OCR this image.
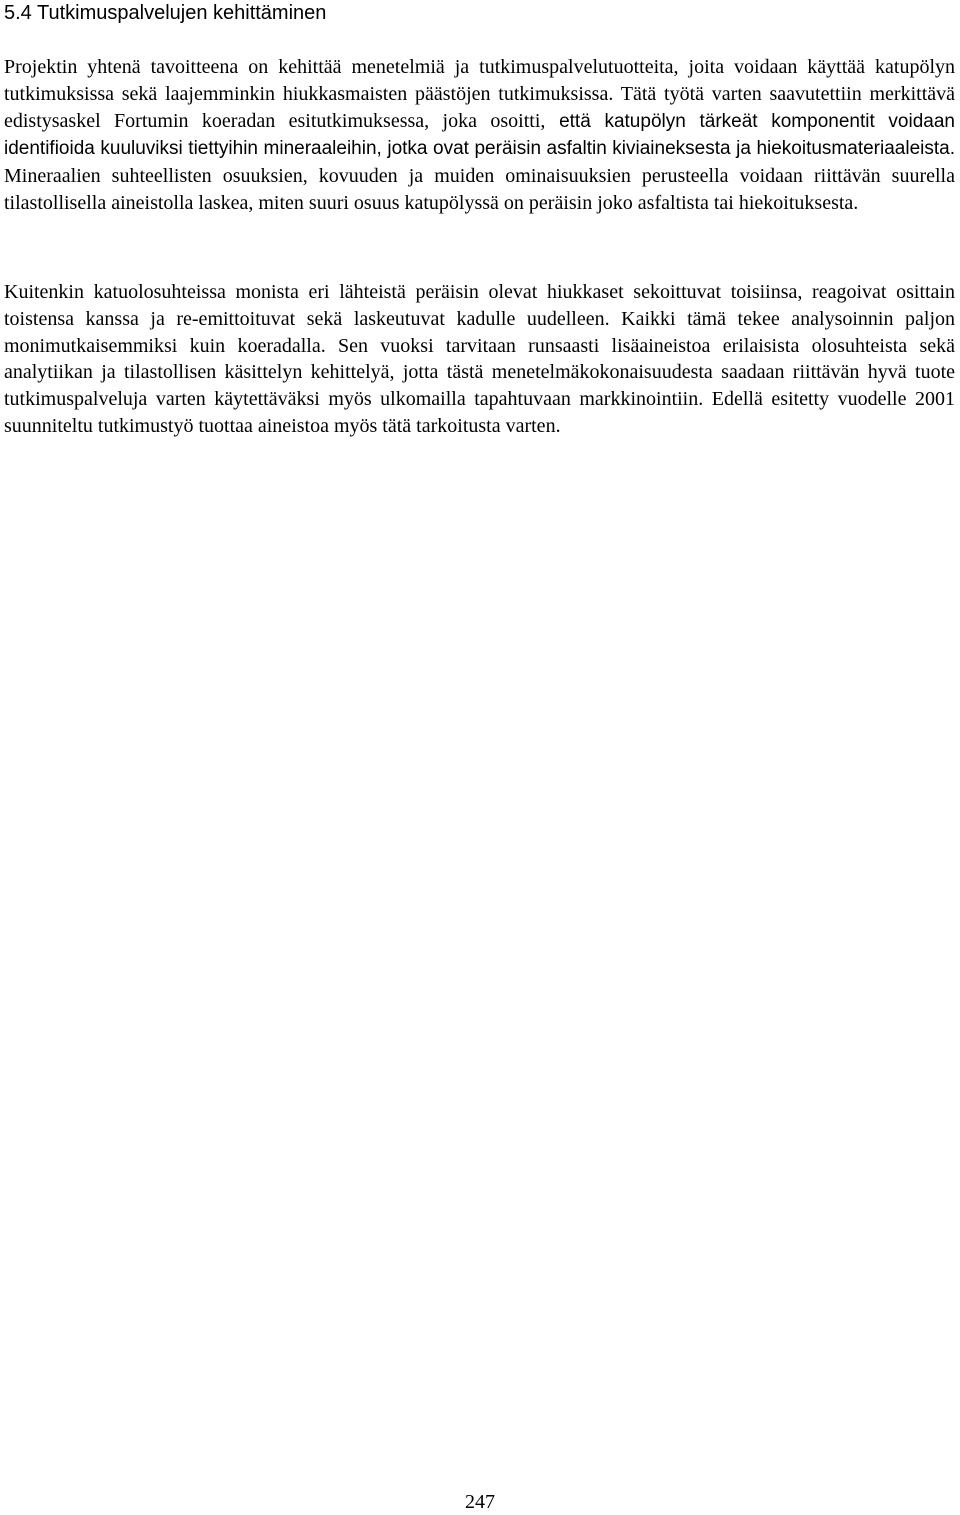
5.4 Tutkimuspalvelujen kehittäminen

Projektin yhtenä tavoitteena on kehittää menetelmiä ja tutkimuspalvelutuotteita, joita voidaan käyttää katupölyn tutkimuksissa sekä laajemminkin hiukkasmaisten päästöjen tutkimuksissa. Tätä työtä varten saavutettiin merkittävä edistysaskel Fortumin koeradan esitutkimuksessa, joka osoitti, että katupölyn tärkeät komponentit voidaan identifioida kuuluviksi tiettyihin mineraaleihin, jotka ovat peräisin asfaltin kiviaineksesta ja hiekoitusmateriaaleista. Mineraalien suhteellisten osuuksien, kovuuden ja muiden ominaisuuksien perusteella voidaan riittävän suurella tilastollisella aineistolla laskea, miten suuri osuus katupölyssä on peräisin joko asfaltista tai hiekoituksesta.

Kuitenkin katuolosuhteissa monista eri lähteistä peräisin olevat hiukkaset sekoittuvat toisiinsa, reagoivat osittain toistensa kanssa ja re-emittoituvat sekä laskeutuvat kadulle uudelleen. Kaikki tämä tekee analysoinnin paljon monimutkaisemmiksi kuin koeradalla. Sen vuoksi tarvitaan runsaasti lisäaineistoa erilaisista olosuhteista sekä analytiikan ja tilastollisen käsittelyn kehittelyä, jotta tästä menetelmäkokonaisuudesta saadaan riittävän hyvä tuote tutkimuspalveluja varten käytettäväksi myös ulkomailla tapahtuvaan markkinointiin. Edellä esitetty vuodelle 2001 suunniteltu tutkimustyö tuottaa aineistoa myös tätä tarkoitusta varten.

247
